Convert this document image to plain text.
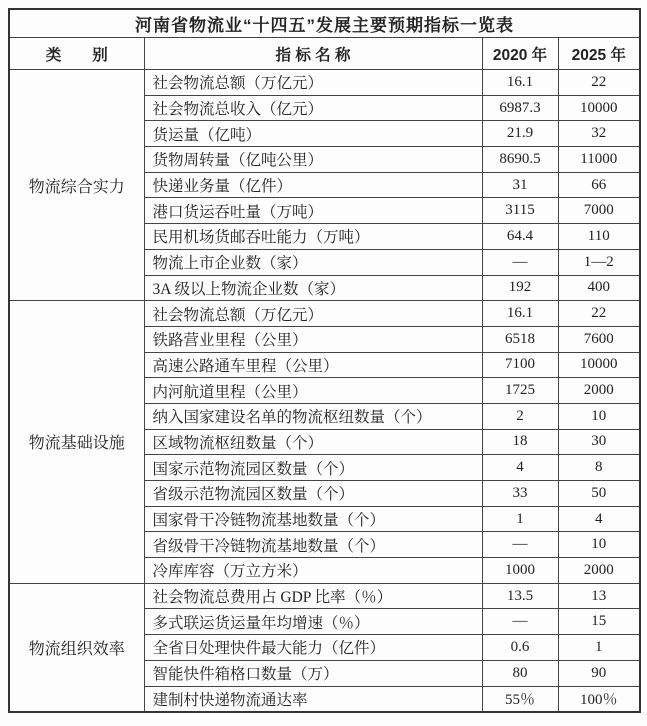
河南省物流业“十四五”发展主要预期指标一览表			
类　　别	指 标 名 称	2020 年	2025 年
物流综合实力	社会物流总额（万亿元）	16.1	22
	社会物流总收入（亿元）	6987.3	10000
	货运量（亿吨）	21.9	32
	货物周转量（亿吨公里）	8690.5	11000
	快递业务量（亿件）	31	66
	港口货运吞吐量（万吨）	3115	7000
	民用机场货邮吞吐能力（万吨）	64.4	110
	物流上市企业数（家）	—	1—2
	3A 级以上物流企业数（家）	192	400
物流基础设施	社会物流总额（万亿元）	16.1	22
	铁路营业里程（公里）	6518	7600
	高速公路通车里程（公里）	7100	10000
	内河航道里程（公里）	1725	2000
	纳入国家建设名单的物流枢纽数量（个）	2	10
	区域物流枢纽数量（个）	18	30
	国家示范物流园区数量（个）	4	8
	省级示范物流园区数量（个）	33	50
	国家骨干冷链物流基地数量（个）	1	4
	省级骨干冷链物流基地数量（个）	—	10
	冷库库容（万立方米）	1000	2000
物流组织效率	社会物流总费用占 GDP 比率（％）	13.5	13
	多式联运货运量年均增速（％）	—	15
	全省日处理快件最大能力（亿件）	0.6	1
	智能快件箱格口数量（万）	80	90
	建制村快递物流通达率	55％	100％
